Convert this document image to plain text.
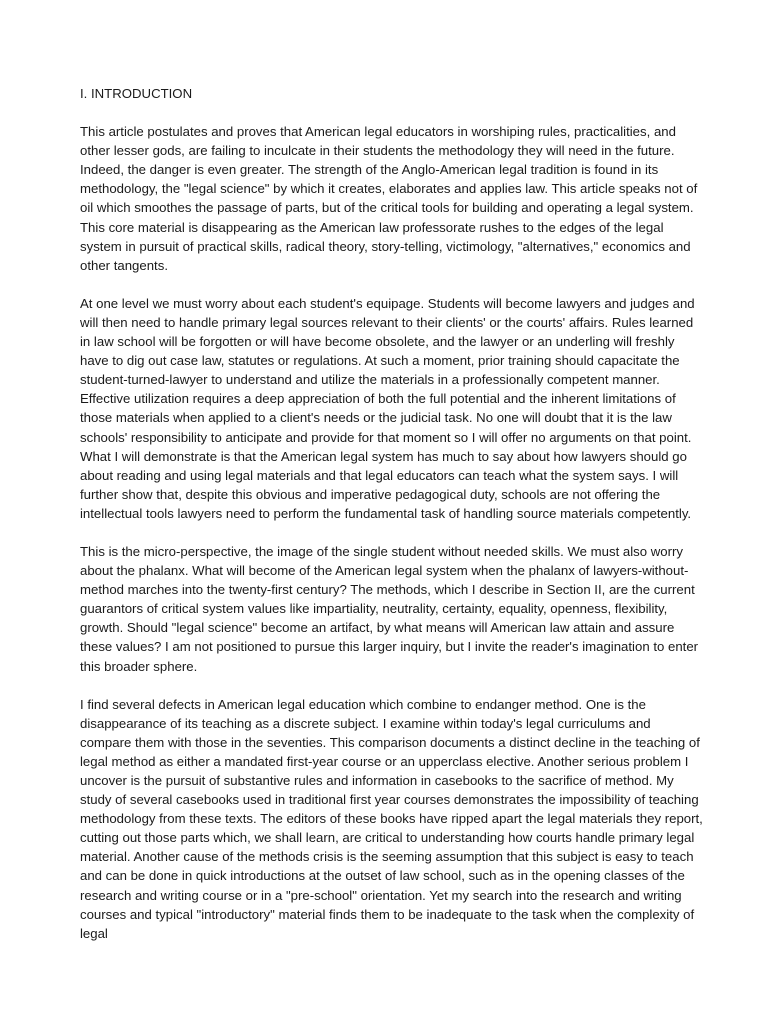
I. INTRODUCTION

This article postulates and proves that American legal educators in worshiping rules, practicalities, and other lesser gods, are failing to inculcate in their students the methodology they will need in the future. Indeed, the danger is even greater. The strength of the Anglo-American legal tradition is found in its methodology, the "legal science" by which it creates, elaborates and applies law. This article speaks not of oil which smoothes the passage of parts, but of the critical tools for building and operating a legal system. This core material is disappearing as the American law professorate rushes to the edges of the legal system in pursuit of practical skills, radical theory, story-telling, victimology, "alternatives," economics and other tangents.

At one level we must worry about each student's equipage. Students will become lawyers and judges and will then need to handle primary legal sources relevant to their clients' or the courts' affairs. Rules learned in law school will be forgotten or will have become obsolete, and the lawyer or an underling will freshly have to dig out case law, statutes or regulations. At such a moment, prior training should capacitate the student-turned-lawyer to understand and utilize the materials in a professionally competent manner. Effective utilization requires a deep appreciation of both the full potential and the inherent limitations of those materials when applied to a client's needs or the judicial task. No one will doubt that it is the law schools' responsibility to anticipate and provide for that moment so I will offer no arguments on that point. What I will demonstrate is that the American legal system has much to say about how lawyers should go about reading and using legal materials and that legal educators can teach what the system says. I will further show that, despite this obvious and imperative pedagogical duty, schools are not offering the intellectual tools lawyers need to perform the fundamental task of handling source materials competently.

This is the micro-perspective, the image of the single student without needed skills. We must also worry about the phalanx. What will become of the American legal system when the phalanx of lawyers-without-method marches into the twenty-first century? The methods, which I describe in Section II, are the current guarantors of critical system values like impartiality, neutrality, certainty, equality, openness, flexibility, growth. Should "legal science" become an artifact, by what means will American law attain and assure these values? I am not positioned to pursue this larger inquiry, but I invite the reader's imagination to enter this broader sphere.

I find several defects in American legal education which combine to endanger method. One is the disappearance of its teaching as a discrete subject. I examine within today's legal curriculums and compare them with those in the seventies. This comparison documents a distinct decline in the teaching of legal method as either a mandated first-year course or an upperclass elective. Another serious problem I uncover is the pursuit of substantive rules and information in casebooks to the sacrifice of method. My study of several casebooks used in traditional first year courses demonstrates the impossibility of teaching methodology from these texts. The editors of these books have ripped apart the legal materials they report, cutting out those parts which, we shall learn, are critical to understanding how courts handle primary legal material. Another cause of the methods crisis is the seeming assumption that this subject is easy to teach and can be done in quick introductions at the outset of law school, such as in the opening classes of the research and writing course or in a "pre-school" orientation. Yet my search into the research and writing courses and typical "introductory" material finds them to be inadequate to the task when the complexity of legal
